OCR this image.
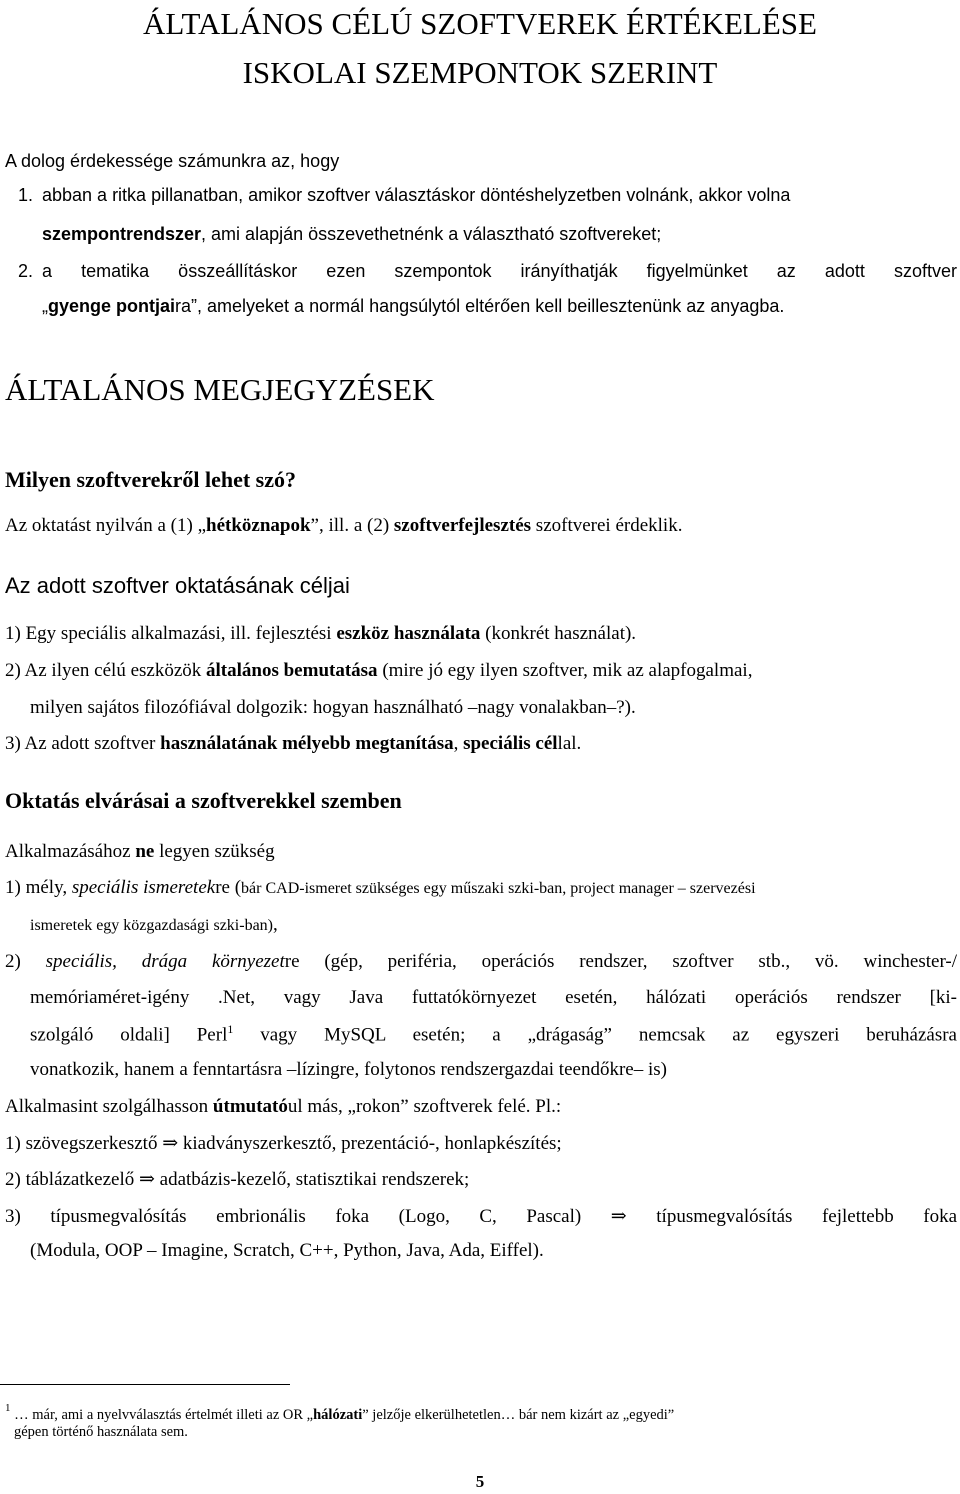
ÁLTALÁNOS CÉLÚ SZOFTVEREK ÉRTÉKELÉSE
ISKOLAI SZEMPONTOK SZERINT
A dolog érdekessége számunkra az, hogy
1. abban a ritka pillanatban, amikor szoftver választáskor döntéshelyzetben volnánk, akkor volna
szempontrendszer, ami alapján összevethetnénk a választható szoftvereket;
2. a tematika összeállításkor ezen szempontok irányíthatják figyelmünket az adott szoftver
„gyenge pontjaira”, amelyeket a normál hangsúlytól eltérően kell beillesztenünk az anyagba.
ÁLTALÁNOS MEGJEGYZÉSEK
Milyen szoftverekről lehet szó?
Az oktatást nyilván a (1) „hétköznapok”, ill. a (2) szoftverfejlesztés szoftverei érdeklik.
Az adott szoftver oktatásának céljai
1) Egy speciális alkalmazási, ill. fejlesztési eszköz használata (konkrét használat).
2) Az ilyen célú eszközök általános bemutatása (mire jó egy ilyen szoftver, mik az alapfogalmai,
milyen sajátos filozófiával dolgozik: hogyan használható –nagy vonalakban–?).
3) Az adott szoftver használatának mélyebb megtanítása, speciális céllal.
Oktatás elvárásai a szoftverekkel szemben
Alkalmazásához ne legyen szükség
1) mély, speciális ismeretekre (bár CAD-ismeret szükséges egy műszaki szki-ban, project manager – szervezési
ismeretek egy közgazdasági szki-ban),
2) speciális, drága környezetre (gép, periféria, operációs rendszer, szoftver stb., vö. winchester-/
memóriaméret-igény .Net, vagy Java futtatókörnyezet esetén, hálózati operációs rendszer [ki-
szolgáló oldali] Perl$^1$ vagy MySQL esetén; a „drágaság” nemcsak az egyszeri beruházásra
vonatkozik, hanem a fenntartásra –lízingre, folytonos rendszergazdai teendőkre– is)
Alkalmasint szolgálhasson útmutatóul más, „rokon” szoftverek felé. Pl.:
1) szövegszerkesztő ⇒ kiadványszerkesztő, prezentáció-, honlapkészítés;
2) táblázatkezelő ⇒ adatbázis-kezelő, statisztikai rendszerek;
3) típusmegvalósítás embrionális foka (Logo, C, Pascal) ⇒ típusmegvalósítás fejlettebb foka
(Modula, OOP – Imagine, Scratch, C++, Python, Java, Ada, Eiffel).
$^1$ … már, ami a nyelvválasztás értelmét illeti az OR „hálózati” jelzője elkerülhetetlen… bár nem kizárt az „egyedi”
gépen történő használata sem.
5
